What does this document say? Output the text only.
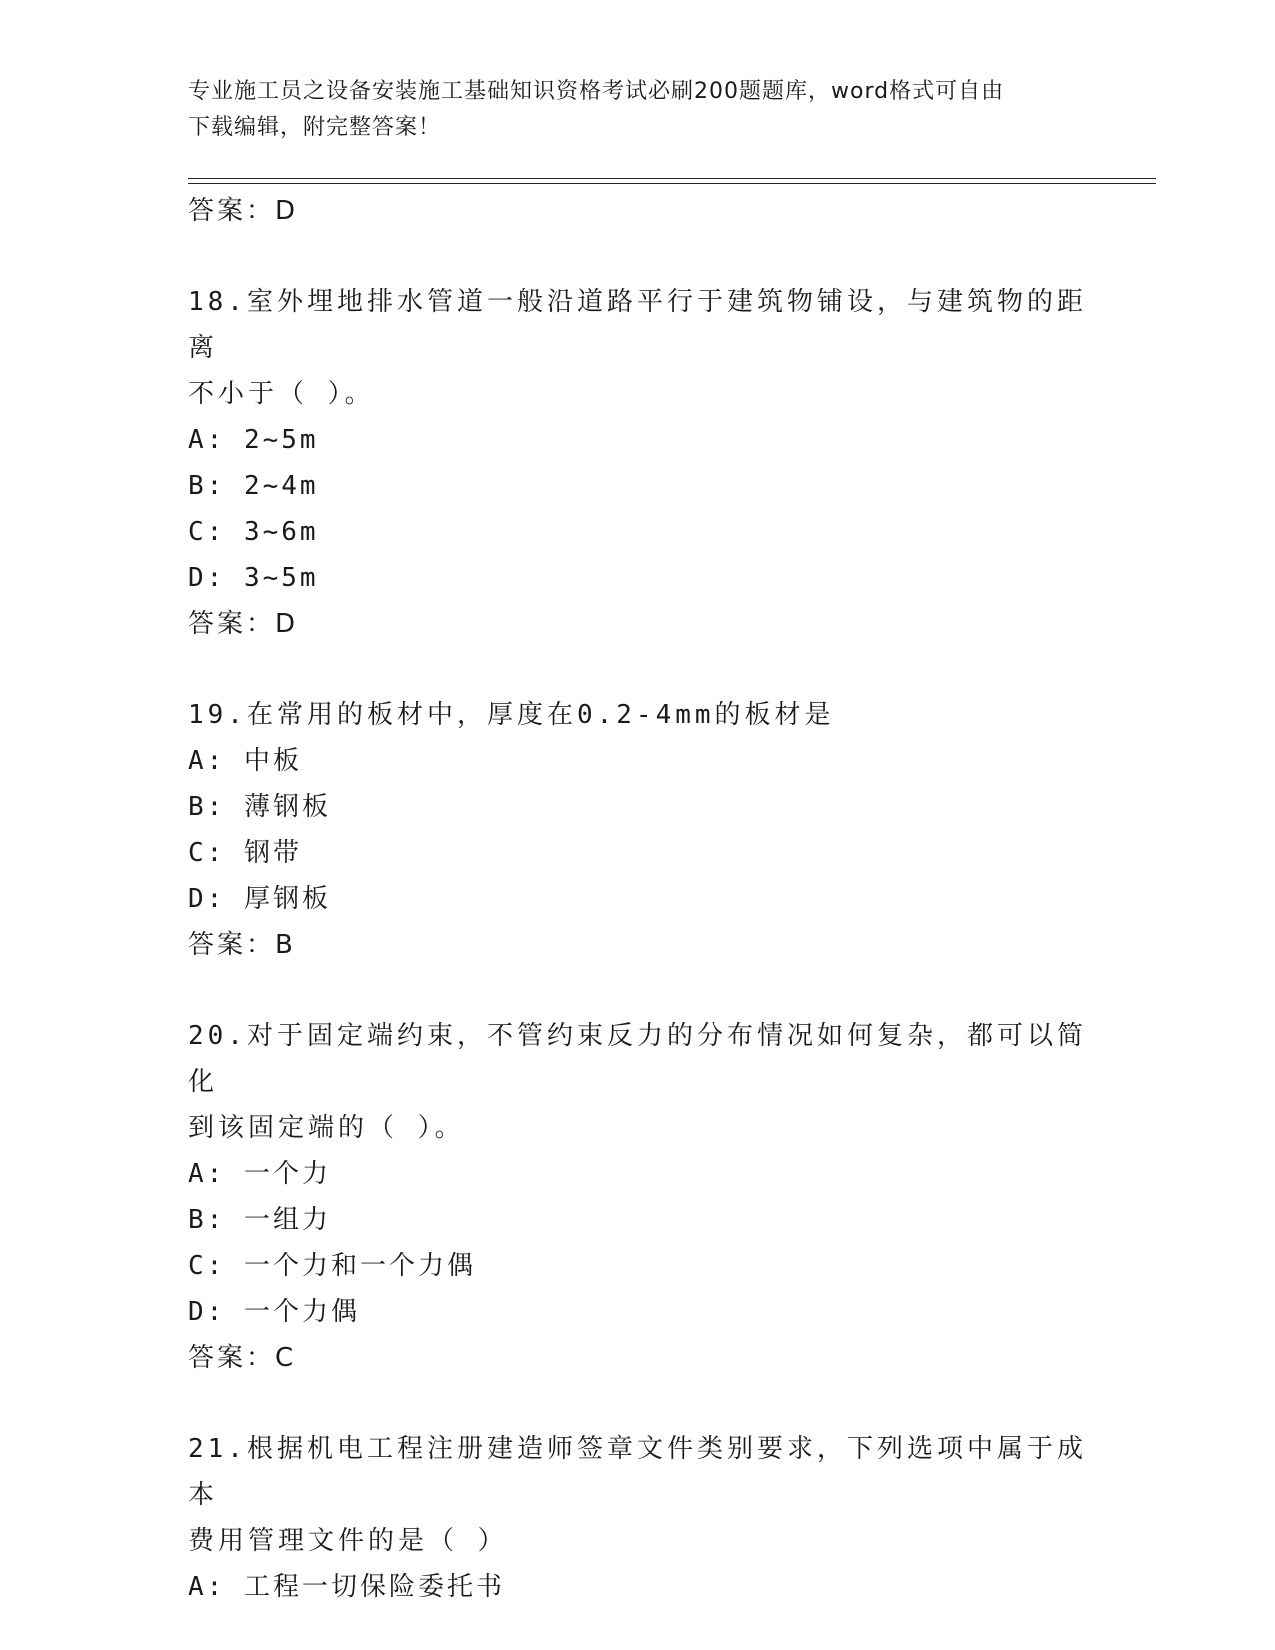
专业施工员之设备安装施工基础知识资格考试必刷200题题库，word格式可自由
下载编辑，附完整答案！
答案：D
18.室外埋地排水管道一般沿道路平行于建筑物铺设，与建筑物的距离
不小于（ ）。
A: 2~5m
B: 2~4m
C: 3~6m
D: 3~5m
答案：D
19.在常用的板材中，厚度在0.2-4mm的板材是
A: 中板
B: 薄钢板
C: 钢带
D: 厚钢板
答案：B
20.对于固定端约束，不管约束反力的分布情况如何复杂，都可以简化
到该固定端的（ ）。
A: 一个力
B: 一组力
C: 一个力和一个力偶
D: 一个力偶
答案：C
21.根据机电工程注册建造师签章文件类别要求，下列选项中属于成本
费用管理文件的是（ ）
A: 工程一切保险委托书
